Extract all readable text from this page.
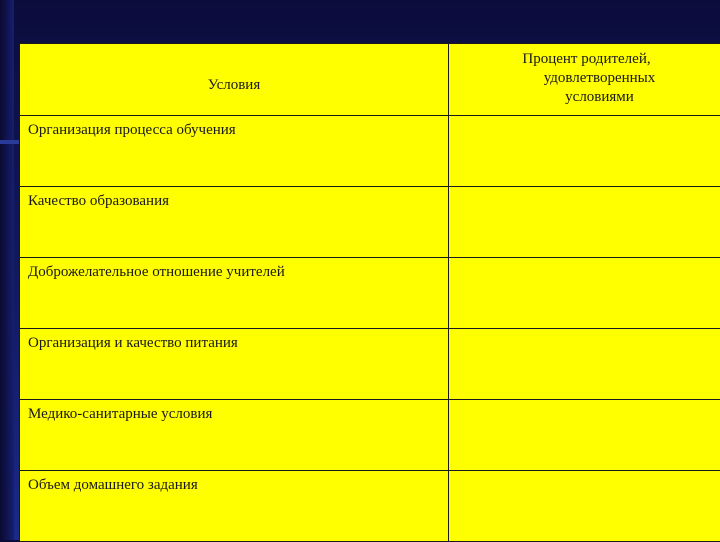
Условия	Процент родителей,
удовлетворенных
условиями

Организация процесса обучения	
Качество образования	
Доброжелательное отношение учителей	
Организация и качество питания	
Медико-санитарные условия	
Объем домашнего задания	
